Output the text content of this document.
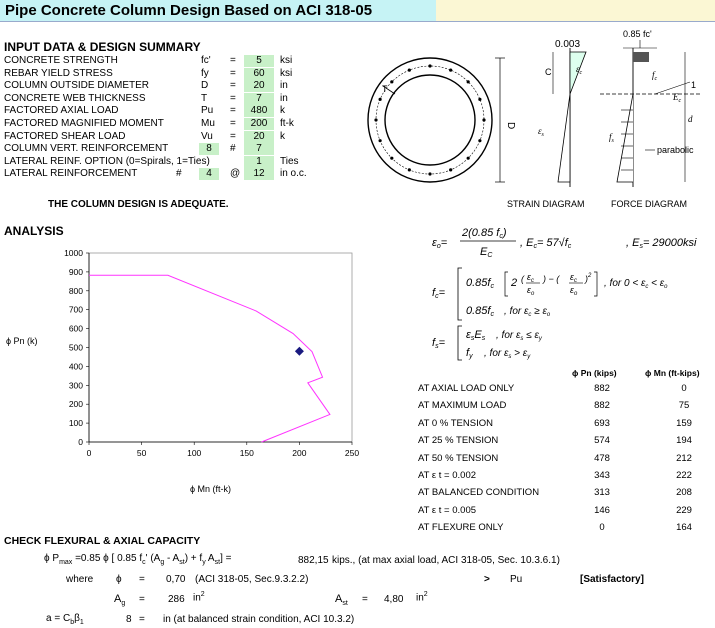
Pipe Concrete Column Design Based on ACI 318-05
INPUT DATA & DESIGN SUMMARY
CONCRETE STRENGTH	fc' =	5	ksi
REBAR YIELD STRESS	fy =	60	ksi
COLUMN OUTSIDE DIAMETER	D =	20	in
CONCRETE WEB THICKNESS	T =	7	in
FACTORED AXIAL LOAD	Pu =	480	k
FACTORED MAGNIFIED MOMENT	Mu =	200	ft-k
FACTORED SHEAR LOAD	Vu =	20	k
COLUMN VERT. REINFORCEMENT	8	#	7
LATERAL REINF. OPTION (0=Spirals, 1=Ties)	1	Ties
LATERAL REINFORCEMENT	#	4	@	12	in o.c.
THE COLUMN DESIGN IS ADEQUATE.
T
D
0.003
C	$\varepsilon_c$
$\varepsilon_s$
STRAIN DIAGRAM
0.85 fc'
1
$E_c$
$f_c$
$f_s$
d
parabolic
FORCE DIAGRAM
ANALYSIS
0
100
200
300
400
500
600
700
800
900
1000
0	50	100	150	200	250
ϕ Pn (k)
ϕ Mn (ft-k)
εo=
2(0.85 fc)
EC
, Ec= 57√fc	, Es= 29000ksi
fc=
0.85fc 2 ( $\varepsilon_c$
$\varepsilon_o$
) − ( $\varepsilon_c$
$\varepsilon_o$
)$^2$
, for $0 < \varepsilon_c < \varepsilon_o$
0.85fc , for $\varepsilon_c \ge \varepsilon_o$
fs=
εsEs , for $\varepsilon_s \le \varepsilon_y$
fy , for $\varepsilon_s > \varepsilon_y$
ϕ Pn (kips)	ϕ Mn (ft-kips)
AT AXIAL LOAD ONLY	882	0
AT MAXIMUM LOAD	882	75
AT 0 % TENSION	693	159
AT 25 % TENSION	574	194
AT 50 % TENSION	478	212
AT ε t = 0.002	343	222
AT BALANCED CONDITION	313	208
AT ε t = 0.005	146	229
AT FLEXURE ONLY	0	164
CHECK FLEXURAL & AXIAL CAPACITY
ϕ $P_{max} =0.85$ ϕ [ 0.85 $f_c'$ $(A_g - A_{st}) + f_y$ $A_{st}$] =	882,15 kips., (at max axial load, ACI 318-05, Sec. 10.3.6.1)
where ϕ = 0,70 (ACI 318-05, Sec.9.3.2.2)	> Pu	[Satisfactory]
$A_g = 286$ $in^2$	$A_{st} = 4,80$ $in^2$
$a = C_b\beta_1$	=
8	in (at balanced strain condition, ACI 10.3.2)
